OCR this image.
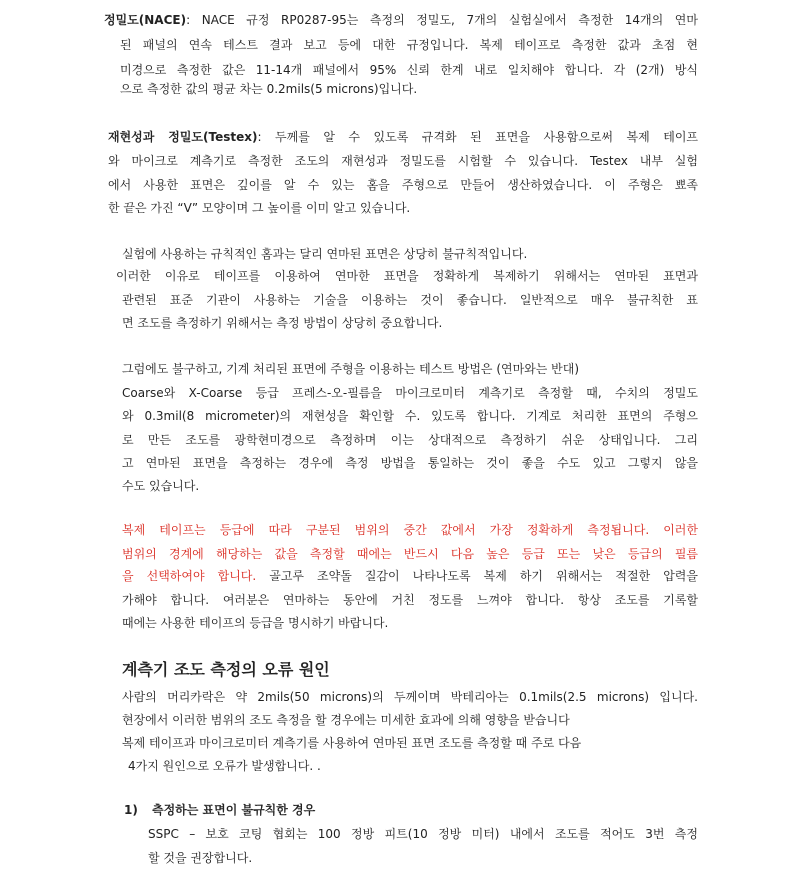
정밀도(NACE): NACE 규정 RP0287-95는 측정의 정밀도, 7개의 실험실에서 측정한 14개의 연마
된 패널의 연속 테스트 결과 보고 등에 대한 규정입니다. 복제 테이프로 측정한 값과 초점 현
미경으로 측정한 값은 11-14개 패널에서 95% 신뢰 한계 내로 일치해야 합니다. 각 (2개) 방식
으로 측정한 값의 평균 차는 0.2mils(5 microns)입니다.
재현성과 정밀도(Testex): 두께를 알 수 있도록 규격화 된 표면을 사용함으로써 복제 테이프
와 마이크로 계측기로 측정한 조도의 재현성과 정밀도를 시험할 수 있습니다. Testex 내부 실험
에서 사용한 표면은 깊이를 알 수 있는 홈을 주형으로 만들어 생산하였습니다. 이 주형은 뾰족
한 끝은 가진 “V” 모양이며 그 높이를 이미 알고 있습니다.
실험에 사용하는 규칙적인 홈과는 달리 연마된 표면은 상당히 불규칙적입니다.
이러한 이유로 테이프를 이용하여 연마한 표면을 정확하게 복제하기 위해서는 연마된 표면과
관련된 표준 기관이 사용하는 기술을 이용하는 것이 좋습니다. 일반적으로 매우 불규칙한 표
면 조도를 측정하기 위해서는 측정 방법이 상당히 중요합니다.
그럼에도 불구하고, 기계 처리된 표면에 주형을 이용하는 테스트 방법은 (연마와는 반대)
Coarse와 X-Coarse 등급 프레스-오-필름을 마이크로미터 계측기로 측정할 때, 수치의 정밀도
와 0.3mil(8 micrometer)의 재현성을 확인할 수. 있도록 합니다. 기계로 처리한 표면의 주형으
로 만든 조도를 광학현미경으로 측정하며 이는 상대적으로 측정하기 쉬운 상태입니다. 그리
고 연마된 표면을 측정하는 경우에 측정 방법을 통일하는 것이 좋을 수도 있고 그렇지 않을
수도 있습니다.
복제 테이프는 등급에 따라 구분된 범위의 중간 값에서 가장 정확하게 측정됩니다. 이러한
범위의 경계에 해당하는 값을 측정할 때에는 반드시 다음 높은 등급 또는 낮은 등급의 필름
을 선택하여야 합니다. 골고루 조약돌 질감이 나타나도록 복제 하기 위해서는 적절한 압력을
가해야 합니다. 여러분은 연마하는 동안에 거친 정도를 느껴야 합니다. 항상 조도를 기록할
때에는 사용한 테이프의 등급을 명시하기 바랍니다.
계측기 조도 측정의 오류 원인
사람의 머리카락은 약 2mils(50 microns)의 두께이며 박테리아는 0.1mils(2.5 microns) 입니다.
현장에서 이러한 범위의 조도 측정을 할 경우에는 미세한 효과에 의해 영향을 받습니다
복제 테이프과 마이크로미터 계측기를 사용하여 연마된 표면 조도를 측정할 때 주로 다음
4가지 원인으로 오류가 발생합니다. .
1) 측정하는 표면이 불규칙한 경우
SSPC – 보호 코팅 협회는 100 정방 피트(10 정방 미터) 내에서 조도를 적어도 3번 측정
할 것을 권장합니다.
